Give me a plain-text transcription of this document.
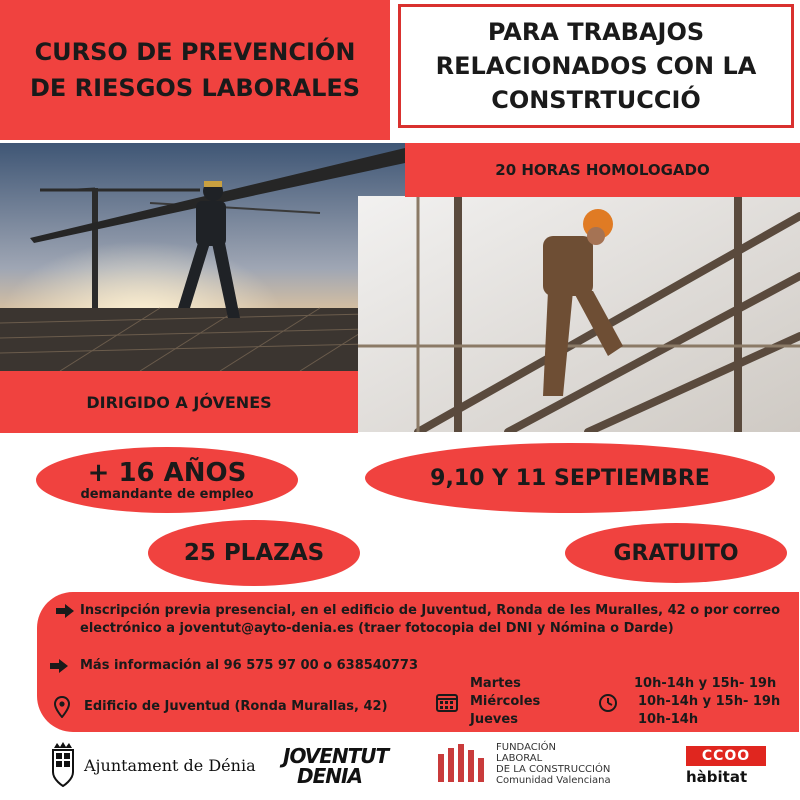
CURSO DE PREVENCIÓN
DE RIESGOS LABORALES
PARA TRABAJOS
RELACIONADOS CON LA
CONSTRTUCCIÓ
20 HORAS HOMOLOGADO
DIRIGIDO A JÓVENES
+ 16 AÑOS
demandante de empleo
9,10 Y 11 SEPTIEMBRE
25 PLAZAS	GRATUITO
Inscripción previa presencial, en el edificio de Juventud, Ronda de les Muralles, 42 o por correo
electrónico a joventut@ayto-denia.es (traer fotocopia del DNI y Nómina o Darde)
Más información al 96 575 97 00 o 638540773
Edificio de Juventud (Ronda Murallas, 42)
Martes
Miércoles
Jueves
10h-14h y 15h- 19h
10h-14h y 15h- 19h
10h-14h
Ajuntament de Dénia JOVENTUT
DENIA
FUNDACIÓN
LABORAL
DE LA CONSTRUCCIÓN
Comunidad Valenciana
CCOO
hàbitat
